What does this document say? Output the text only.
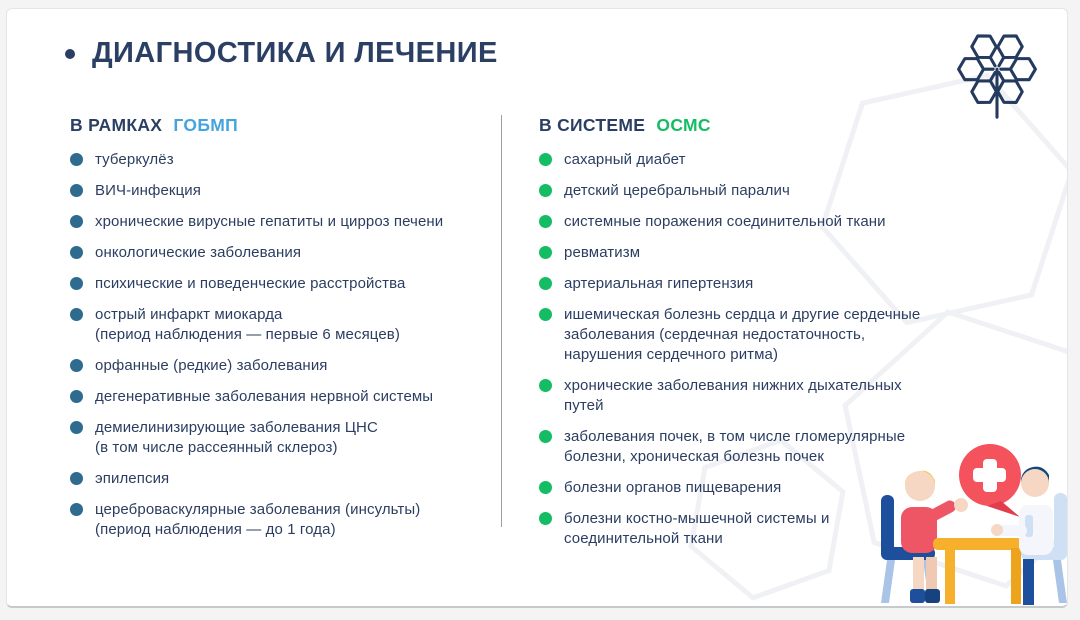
ДИАГНОСТИКА И ЛЕЧЕНИЕ
В РАМКАХ ГОБМП
туберкулёз
ВИЧ-инфекция
хронические вирусные гепатиты и цирроз печени
онкологические заболевания
психические и поведенческие расстройства
острый инфаркт миокарда
(период наблюдения — первые 6 месяцев)
орфанные (редкие) заболевания
дегенеративные заболевания нервной системы
демиелинизирующие заболевания ЦНС
(в том числе рассеянный склероз)
эпилепсия
цереброваскулярные заболевания (инсульты)
(период наблюдения — до 1 года)
В СИСТЕМЕ ОСМС
сахарный диабет
детский церебральный паралич
системные поражения соединительной ткани
ревматизм
артериальная гипертензия
ишемическая болезнь сердца и другие сердечные
заболевания (сердечная недостаточность,
нарушения сердечного ритма)
хронические заболевания нижних дыхательных
путей
заболевания почек, в том числе гломерулярные
болезни, хроническая болезнь почек
болезни органов пищеварения
болезни костно-мышечной системы и
соединительной ткани
